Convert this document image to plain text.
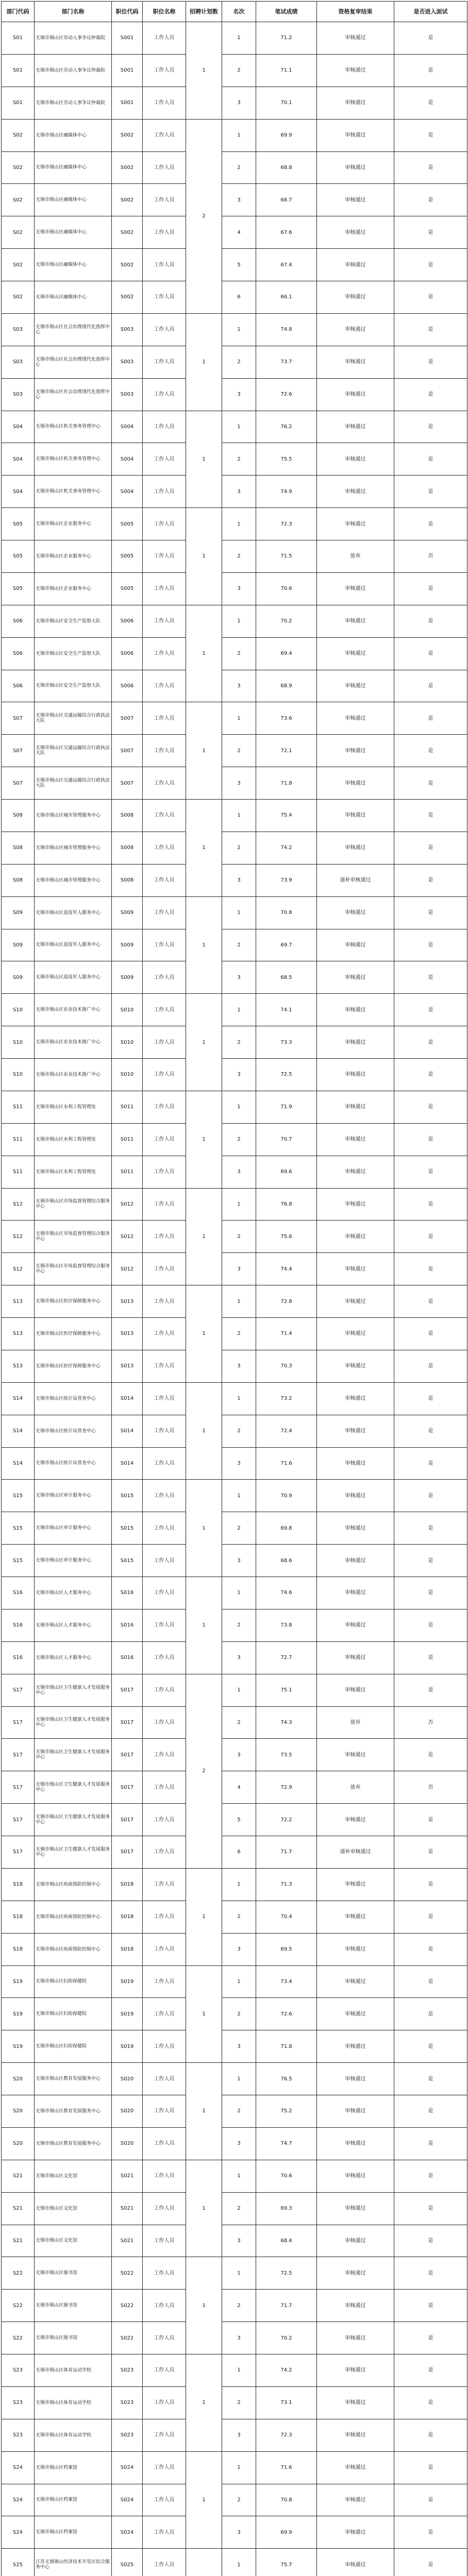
部门代码	部门名称	职位代码	职位名称	招聘计划数	名次	笔试成绩	资格复审结果	是否进入面试
S01	无锡市锡山区劳动人事争议仲裁院	S001	工作人员	1	1	71.2	审核通过	是
S01	无锡市锡山区劳动人事争议仲裁院	S001	工作人员		2	71.1	审核通过	是
S01	无锡市锡山区劳动人事争议仲裁院	S001	工作人员		3	70.1	审核通过	是
S02	无锡市锡山区融媒体中心	S002	工作人员	2	1	69.9	审核通过	是
S02	无锡市锡山区融媒体中心	S002	工作人员		2	68.8	审核通过	是
S02	无锡市锡山区融媒体中心	S002	工作人员		3	68.7	审核通过	是
S02	无锡市锡山区融媒体中心	S002	工作人员		4	67.6	审核通过	是
S02	无锡市锡山区融媒体中心	S002	工作人员		5	67.4	审核通过	是
S02	无锡市锡山区融媒体中心	S002	工作人员		6	66.1	审核通过	是
S03	无锡市锡山区社会治理现代化指挥中心	S003	工作人员	1	1	74.8	审核通过	是
S03	无锡市锡山区社会治理现代化指挥中心	S003	工作人员		2	73.7	审核通过	是
S03	无锡市锡山区社会治理现代化指挥中心	S003	工作人员		3	72.6	审核通过	是
S04	无锡市锡山区机关事务管理中心	S004	工作人员	1	1	76.2	审核通过	是
S04	无锡市锡山区机关事务管理中心	S004	工作人员		2	75.5	审核通过	是
S04	无锡市锡山区机关事务管理中心	S004	工作人员		3	74.9	审核通过	是
S05	无锡市锡山区企业服务中心	S005	工作人员	1	1	72.3	审核通过	是
S05	无锡市锡山区企业服务中心	S005	工作人员		2	71.5	放弃	否
S05	无锡市锡山区企业服务中心	S005	工作人员		3	70.6	审核通过	是
S06	无锡市锡山区安全生产监察大队	S006	工作人员	1	1	70.2	审核通过	是
S06	无锡市锡山区安全生产监察大队	S006	工作人员		2	69.4	审核通过	是
S06	无锡市锡山区安全生产监察大队	S006	工作人员		3	68.9	审核通过	是
S07	无锡市锡山区交通运输综合行政执法大队	S007	工作人员	1	1	73.6	审核通过	是
S07	无锡市锡山区交通运输综合行政执法大队	S007	工作人员		2	72.1	审核通过	是
S07	无锡市锡山区交通运输综合行政执法大队	S007	工作人员		3	71.8	审核通过	是
S08	无锡市锡山区城市管理服务中心	S008	工作人员	1	1	75.4	审核通过	是
S08	无锡市锡山区城市管理服务中心	S008	工作人员		2	74.2	审核通过	是
S08	无锡市锡山区城市管理服务中心	S008	工作人员		3	73.9	递补审核通过	是
S09	无锡市锡山区退役军人服务中心	S009	工作人员	1	1	70.8	审核通过	是
S09	无锡市锡山区退役军人服务中心	S009	工作人员		2	69.7	审核通过	是
S09	无锡市锡山区退役军人服务中心	S009	工作人员		3	68.5	审核通过	是
S10	无锡市锡山区农业技术推广中心	S010	工作人员	1	1	74.1	审核通过	是
S10	无锡市锡山区农业技术推广中心	S010	工作人员		2	73.3	审核通过	是
S10	无锡市锡山区农业技术推广中心	S010	工作人员		3	72.5	审核通过	是
S11	无锡市锡山区水利工程管理处	S011	工作人员	1	1	71.9	审核通过	是
S11	无锡市锡山区水利工程管理处	S011	工作人员		2	70.7	审核通过	是
S11	无锡市锡山区水利工程管理处	S011	工作人员		3	69.6	审核通过	是
S12	无锡市锡山区市场监督管理综合服务中心	S012	工作人员	1	1	76.8	审核通过	是
S12	无锡市锡山区市场监督管理综合服务中心	S012	工作人员		2	75.6	审核通过	是
S12	无锡市锡山区市场监督管理综合服务中心	S012	工作人员		3	74.4	审核通过	是
S13	无锡市锡山区医疗保障服务中心	S013	工作人员	1	1	72.8	审核通过	是
S13	无锡市锡山区医疗保障服务中心	S013	工作人员		2	71.4	审核通过	是
S13	无锡市锡山区医疗保障服务中心	S013	工作人员		3	70.3	审核通过	是
S14	无锡市锡山区统计局普查中心	S014	工作人员	1	1	73.2	审核通过	是
S14	无锡市锡山区统计局普查中心	S014	工作人员		2	72.4	审核通过	是
S14	无锡市锡山区统计局普查中心	S014	工作人员		3	71.6	审核通过	是
S15	无锡市锡山区审计服务中心	S015	工作人员	1	1	70.9	审核通过	是
S15	无锡市锡山区审计服务中心	S015	工作人员		2	69.8	审核通过	是
S15	无锡市锡山区审计服务中心	S015	工作人员		3	68.6	审核通过	是
S16	无锡市锡山区人才服务中心	S016	工作人员	1	1	74.6	审核通过	是
S16	无锡市锡山区人才服务中心	S016	工作人员		2	73.8	审核通过	是
S16	无锡市锡山区人才服务中心	S016	工作人员		3	72.7	审核通过	是
S17	无锡市锡山区卫生健康人才发展服务中心	S017	工作人员	2	1	75.1	审核通过	是
S17	无锡市锡山区卫生健康人才发展服务中心	S017	工作人员		2	74.3	放弃	否
S17	无锡市锡山区卫生健康人才发展服务中心	S017	工作人员		3	73.5	审核通过	是
S17	无锡市锡山区卫生健康人才发展服务中心	S017	工作人员		4	72.9	放弃	否
S17	无锡市锡山区卫生健康人才发展服务中心	S017	工作人员		5	72.2	审核通过	是
S17	无锡市锡山区卫生健康人才发展服务中心	S017	工作人员		6	71.7	递补审核通过	是
S18	无锡市锡山区疾病预防控制中心	S018	工作人员	1	1	71.3	审核通过	是
S18	无锡市锡山区疾病预防控制中心	S018	工作人员		2	70.4	审核通过	是
S18	无锡市锡山区疾病预防控制中心	S018	工作人员		3	69.5	审核通过	是
S19	无锡市锡山区妇幼保健院	S019	工作人员	1	1	73.4	审核通过	是
S19	无锡市锡山区妇幼保健院	S019	工作人员		2	72.6	审核通过	是
S19	无锡市锡山区妇幼保健院	S019	工作人员		3	71.8	审核通过	是
S20	无锡市锡山区教育发展服务中心	S020	工作人员	1	1	76.5	审核通过	是
S20	无锡市锡山区教育发展服务中心	S020	工作人员		2	75.2	审核通过	是
S20	无锡市锡山区教育发展服务中心	S020	工作人员		3	74.7	审核通过	是
S21	无锡市锡山区文化馆	S021	工作人员	1	1	70.6	审核通过	是
S21	无锡市锡山区文化馆	S021	工作人员		2	69.3	审核通过	是
S21	无锡市锡山区文化馆	S021	工作人员		3	68.4	审核通过	是
S22	无锡市锡山区图书馆	S022	工作人员	1	1	72.5	审核通过	是
S22	无锡市锡山区图书馆	S022	工作人员		2	71.7	审核通过	是
S22	无锡市锡山区图书馆	S022	工作人员		3	70.2	审核通过	是
S23	无锡市锡山区体育运动学校	S023	工作人员	1	1	74.2	审核通过	是
S23	无锡市锡山区体育运动学校	S023	工作人员		2	73.1	审核通过	是
S23	无锡市锡山区体育运动学校	S023	工作人员		3	72.3	审核通过	是
S24	无锡市锡山区档案馆	S024	工作人员	1	1	71.6	审核通过	是
S24	无锡市锡山区档案馆	S024	工作人员		2	70.8	审核通过	是
S24	无锡市锡山区档案馆	S024	工作人员		3	69.9	审核通过	是
S25	江苏无锡锡山经济技术开发区综合服务中心	S025	工作人员		1	75.7	审核通过	是
